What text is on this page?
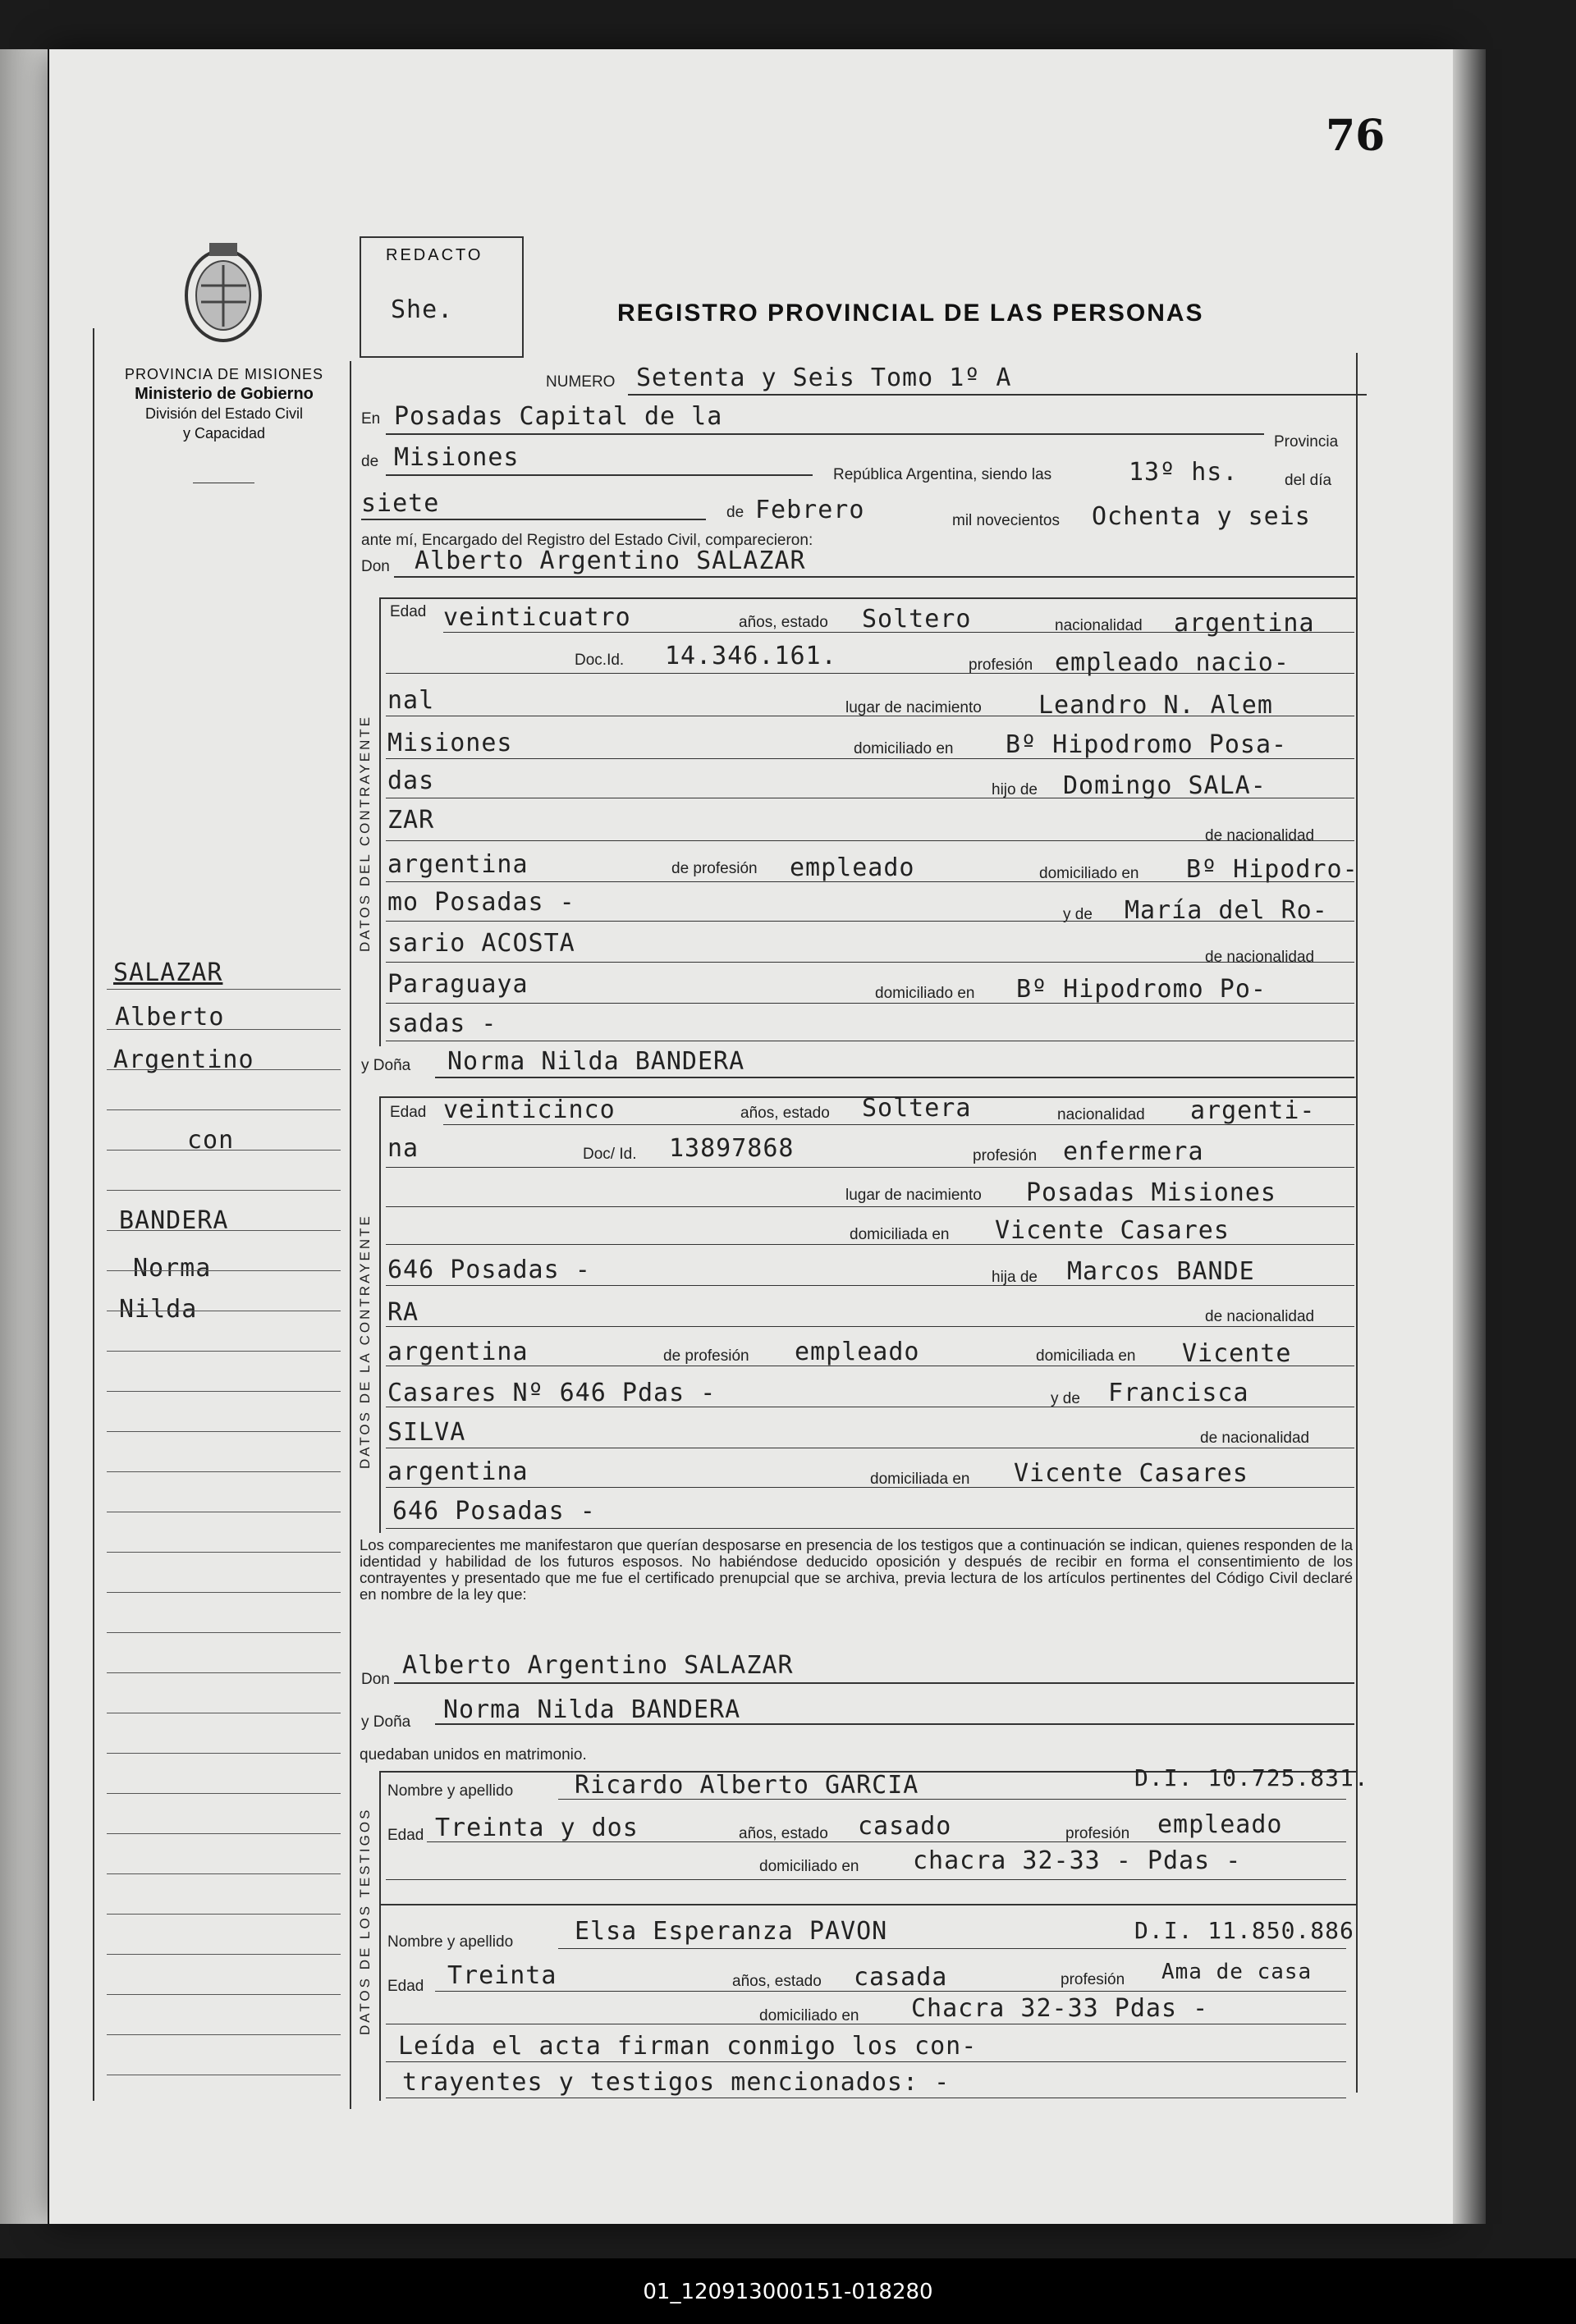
76
PROVINCIA DE MISIONES
Ministerio de Gobierno
División del Estado Civil
y Capacidad
REDACTO
She.	REGISTRO PROVINCIAL DE LAS PERSONAS
NUMERO Setenta y Seis Tomo 1º A
En Posadas Capital de la
Provincia
de Misiones
República Argentina, siendo las	13º hs.	del día
siete	de Febrero	mil novecientos Ochenta y seis
ante mí, Encargado del Registro del Estado Civil, comparecieron:
Don Alberto Argentino SALAZAR
DATOS DEL CONTRAYENTE
Edad veinticuatro	años, estado Soltero	nacionalidad argentina
Doc.Id. 14.346.161.	profesión empleado nacio-
nal	lugar de nacimiento Leandro N. Alem
Misiones	domiciliado en Bº Hipodromo Posa-
das	hijo de Domingo SALA-
ZAR
de nacionalidad
argentina	de profesión empleado	domiciliado en Bº Hipodro-
mo Posadas -	y de María del Ro-
sario ACOSTA	de nacionalidad
Paraguaya	domiciliado en Bº Hipodromo Po-
sadas -
y Doña Norma Nilda BANDERA
DATOS DE LA CONTRAYENTE
Edad veinticinco	años, estado Soltera	nacionalidad argenti-
na	Doc/ Id. 13897868	profesión enfermera
lugar de nacimiento Posadas Misiones
domiciliada en Vicente Casares
646 Posadas -	hija de Marcos BANDE
RA	de nacionalidad
argentina	de profesión empleado	domiciliada en Vicente
Casares Nº 646 Pdas -	y de Francisca
SILVA	de nacionalidad
argentina	domiciliada en Vicente Casares
646 Posadas -
Los comparecientes me manifestaron que querían desposarse en presencia de los testigos que a continuación se indican, quienes responden de la identidad y habilidad de los futuros esposos. No habiéndose deducido oposición y después de recibir en forma el consentimiento de los contrayentes y presentado que me fue el certificado prenupcial que se archiva, previa lectura de los artículos pertinentes del Código Civil declaré en nombre de la ley que:
Don Alberto Argentino SALAZAR
y Doña Norma Nilda BANDERA
quedaban unidos en matrimonio.
DATOS DE LOS TESTIGOS
Nombre y apellido Ricardo Alberto GARCIA	D.I. 10.725.831.
Edad Treinta y dos	años, estado casado	profesión empleado
domiciliado en chacra 32-33 - Pdas -
Nombre y apellido Elsa Esperanza PAVON	D.I. 11.850.886
Edad Treinta	años, estado casada	profesión Ama de casa
domiciliado en Chacra 32-33 Pdas -
Leída el acta firman conmigo los con-
trayentes y testigos mencionados: -
SALAZAR
Alberto
Argentino
con
BANDERA
Norma
Nilda
01_120913000151-018280
